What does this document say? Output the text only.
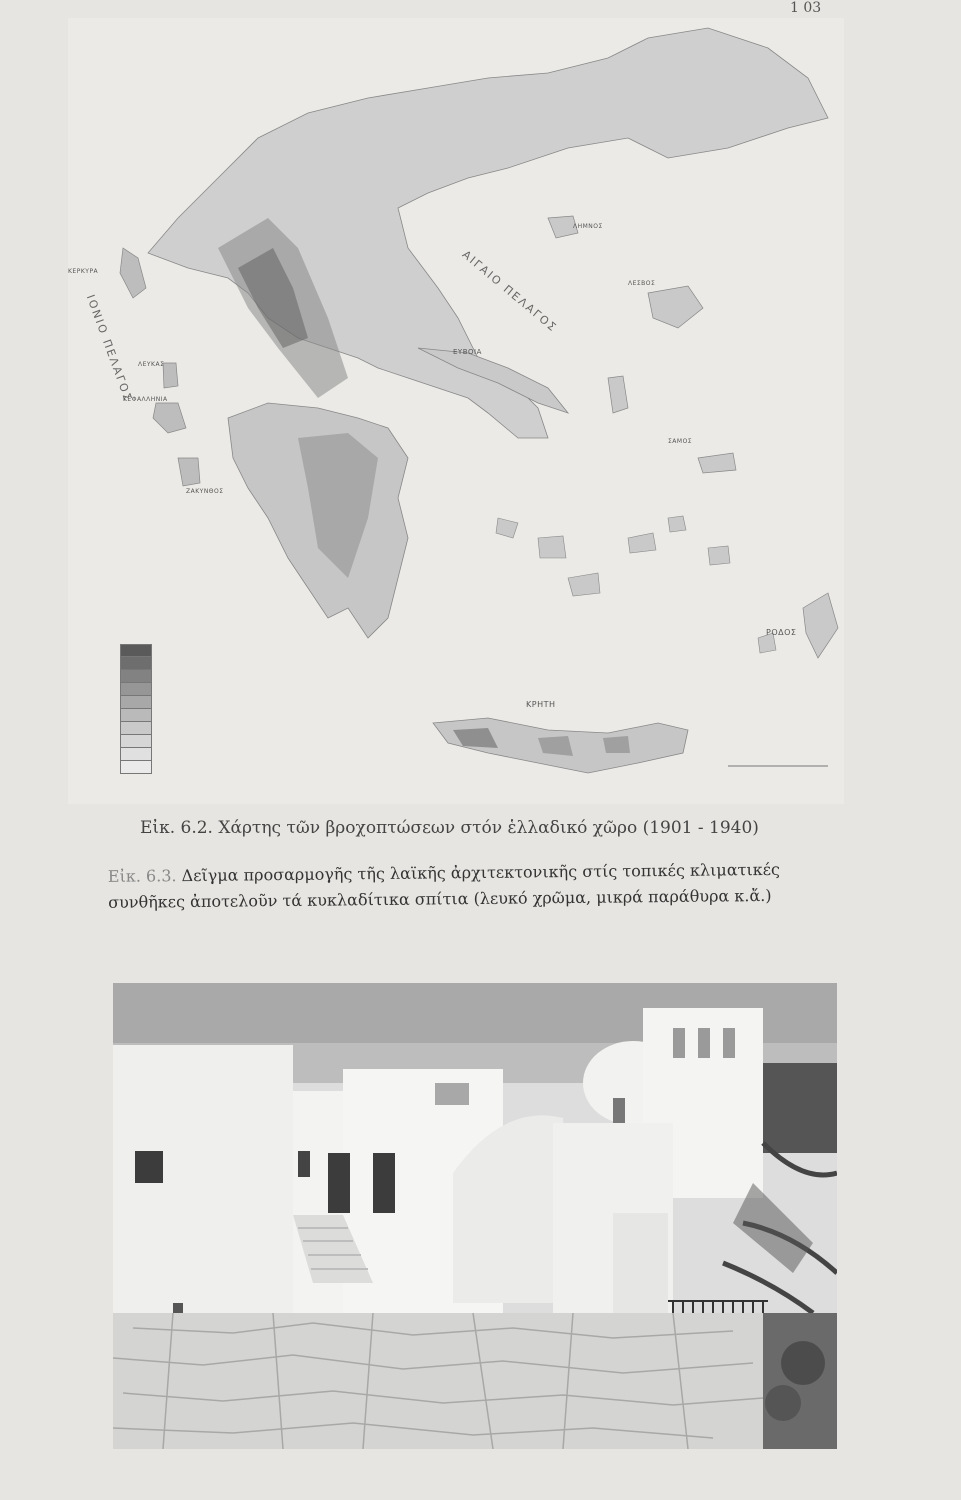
1 03
ΚΕΡΚΥΡΑ
ΙΟΝΙΟ ΠΕΛΑΓΟΣ ΛΕΥΚΑΣ
ΚΕΦΑΛΛΗΝΙΑ
ΖΑΚΥΝΘΟΣ
ΑΙΓΑΙΟ ΠΕΛΑΓΟΣ
ΕΥΒΟΙΑ
ΛΗΜΝΟΣ
ΛΕΣΒΟΣ
ΣΑΜΟΣ
ΡΟΔΟΣ
ΚΡΗΤΗ
Εἰκ. 6.2. Χάρτης τῶν βροχοπτώσεων στόν ἑλλαδικό χῶρο (1901 - 1940)
Εἰκ. 6.3. Δεῖγμα προσαρμογῆς τῆς λαϊκῆς ἀρχιτεκτονικῆς στίς τοπικές κλιματικές συνθῆκες ἀποτελοῦν τά κυκλαδίτικα σπίτια (λευκό χρῶμα, μικρά παράθυρα κ.ἄ.)
